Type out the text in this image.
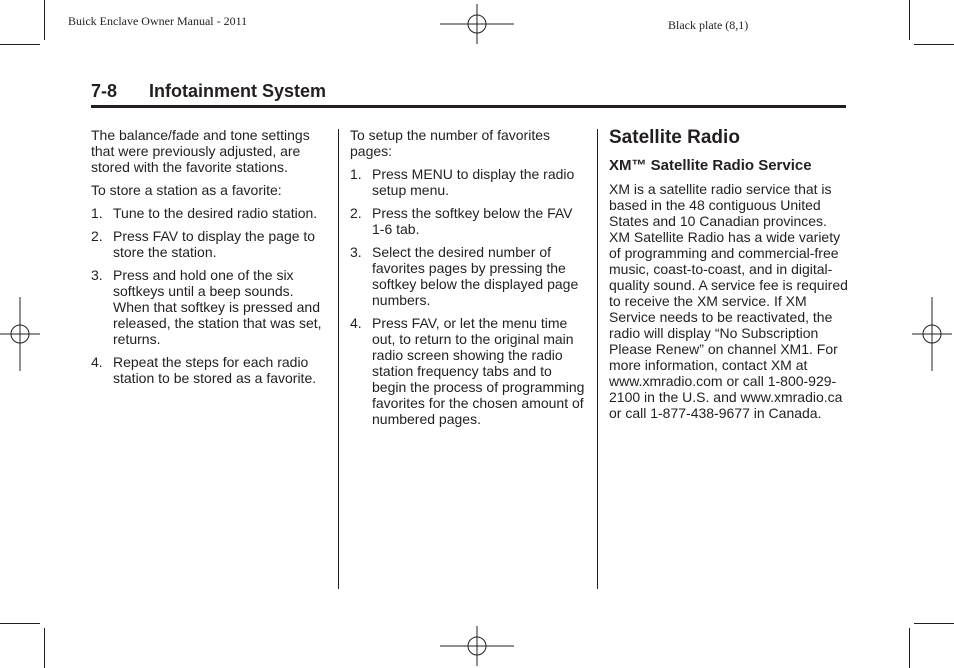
Buick Enclave Owner Manual - 2011	Black plate (8,1)
7-8 Infotainment System

The balance/fade and tone settings that were previously adjusted, are stored with the favorite stations.

To store a station as a favorite:

1. Tune to the desired radio station.
2. Press FAV to display the page to store the station.
3. Press and hold one of the six softkeys until a beep sounds. When that softkey is pressed and released, the station that was set, returns.
4. Repeat the steps for each radio station to be stored as a favorite.

To setup the number of favorites pages:

1. Press MENU to display the radio setup menu.
2. Press the softkey below the FAV 1-6 tab.
3. Select the desired number of favorites pages by pressing the softkey below the displayed page numbers.
4. Press FAV, or let the menu time out, to return to the original main radio screen showing the radio station frequency tabs and to begin the process of programming favorites for the chosen amount of numbered pages.
Satellite Radio
XM™ Satellite Radio Service

XM is a satellite radio service that is based in the 48 contiguous United States and 10 Canadian provinces. XM Satellite Radio has a wide variety of programming and commercial-free music, coast-to-coast, and in digital-quality sound. A service fee is required to receive the XM service. If XM Service needs to be reactivated, the radio will display “No Subscription Please Renew” on channel XM1. For more information, contact XM at www.xmradio.com or call 1-800-929-2100 in the U.S. and www.xmradio.ca or call 1-877-438-9677 in Canada.
